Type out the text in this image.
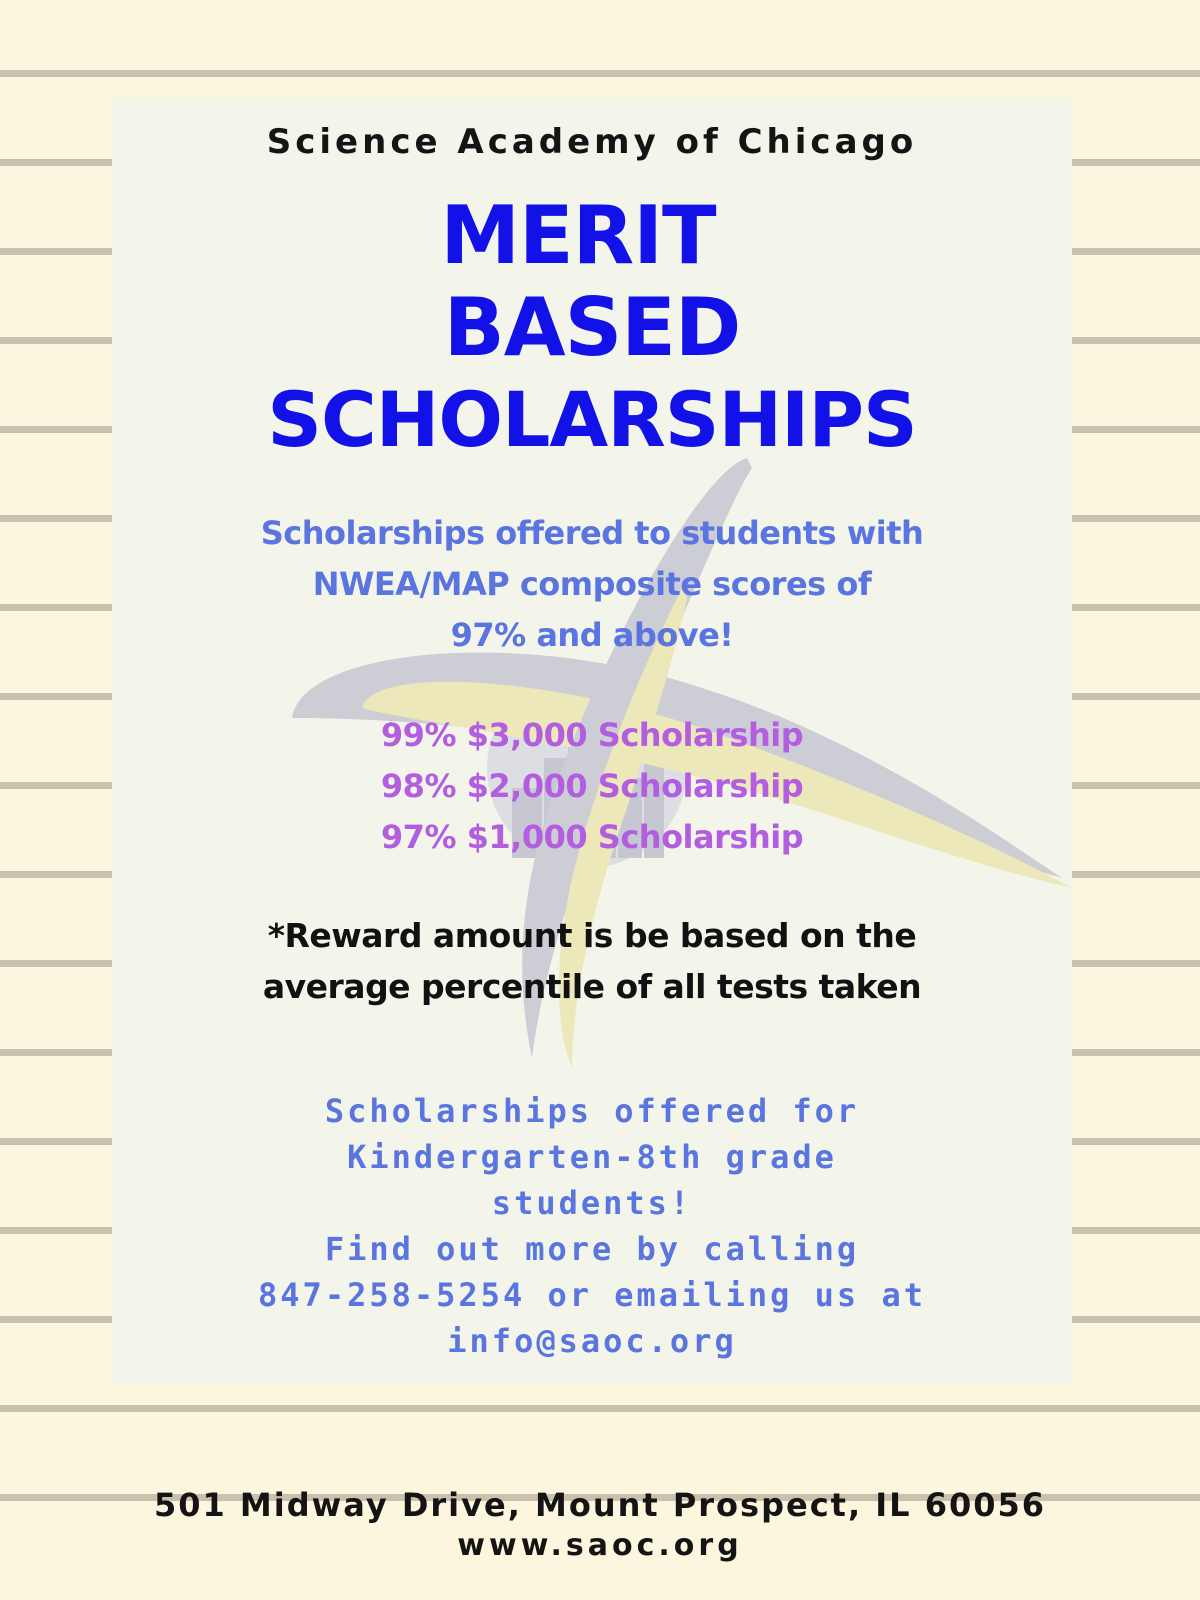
Science Academy of Chicago
MERIT
BASED
SCHOLARSHIPS
Scholarships offered to students with
NWEA/MAP composite scores of
97% and above!
99% $3,000 Scholarship
98% $2,000 Scholarship
97% $1,000 Scholarship
*Reward amount is be based on the
average percentile of all tests taken
Scholarships offered for
Kindergarten-8th grade
students!
Find out more by calling
847-258-5254 or emailing us at
info@saoc.org
501 Midway Drive, Mount Prospect, IL 60056
www.saoc.org
